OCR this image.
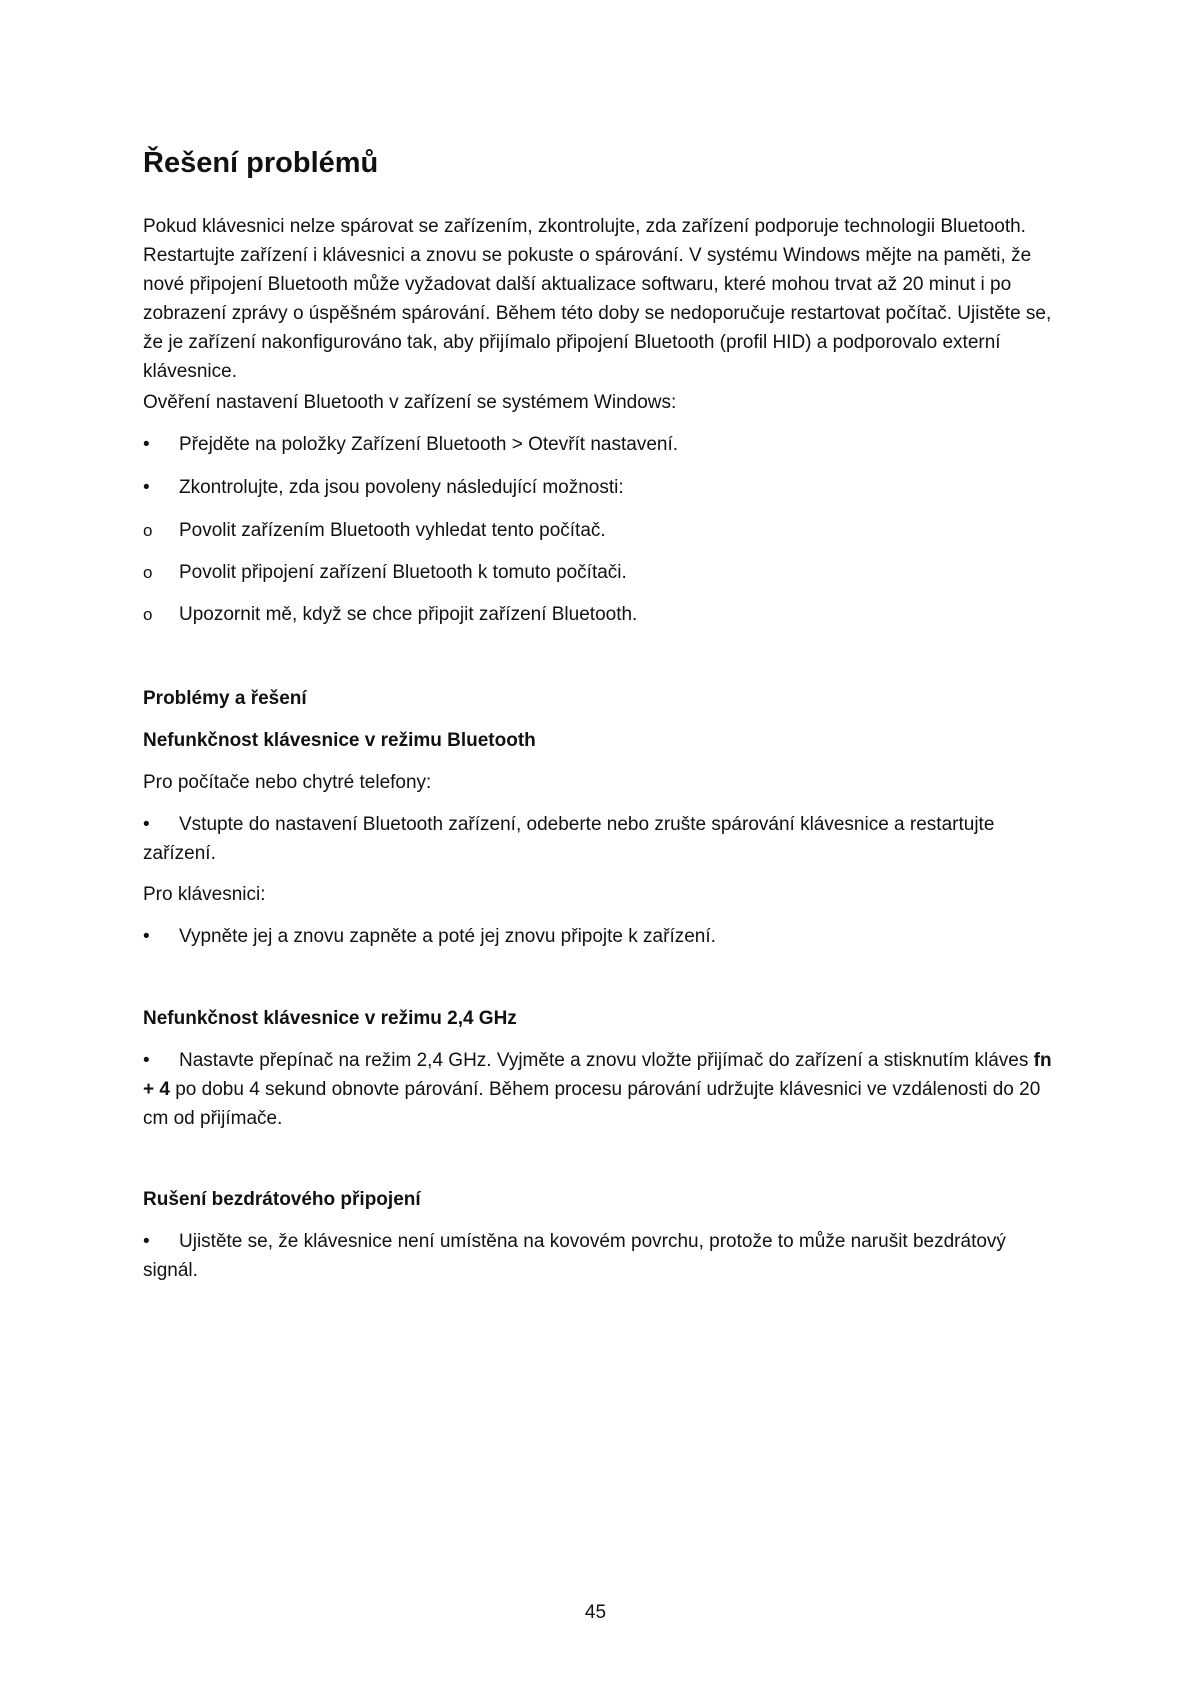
Řešení problémů

Pokud klávesnici nelze spárovat se zařízením, zkontrolujte, zda zařízení podporuje technologii Bluetooth. Restartujte zařízení i klávesnici a znovu se pokuste o spárování. V systému Windows mějte na paměti, že nové připojení Bluetooth může vyžadovat další aktualizace softwaru, které mohou trvat až 20 minut i po zobrazení zprávy o úspěšném spárování. Během této doby se nedoporučuje restartovat počítač. Ujistěte se, že je zařízení nakonfigurováno tak, aby přijímalo připojení Bluetooth (profil HID) a podporovalo externí klávesnice.

Ověření nastavení Bluetooth v zařízení se systémem Windows:

•	Přejděte na položky Zařízení Bluetooth > Otevřít nastavení.
•	Zkontrolujte, zda jsou povoleny následující možnosti:
o	Povolit zařízením Bluetooth vyhledat tento počítač.
o	Povolit připojení zařízení Bluetooth k tomuto počítači.
o	Upozornit mě, když se chce připojit zařízení Bluetooth.
Problémy a řešení
Nefunkčnost klávesnice v režimu Bluetooth

Pro počítače nebo chytré telefony:

• Vstupte do nastavení Bluetooth zařízení, odeberte nebo zrušte spárování klávesnice a restartujte zařízení.

Pro klávesnici:

•	Vypněte jej a znovu zapněte a poté jej znovu připojte k zařízení.
Nefunkčnost klávesnice v režimu 2,4 GHz

• Nastavte přepínač na režim 2,4 GHz. Vyjměte a znovu vložte přijímač do zařízení a stisknutím kláves fn + 4 po dobu 4 sekund obnovte párování. Během procesu párování udržujte klávesnici ve vzdálenosti do 20 cm od přijímače.

Rušení bezdrátového připojení

• Ujistěte se, že klávesnice není umístěna na kovovém povrchu, protože to může narušit bezdrátový signál.

45
